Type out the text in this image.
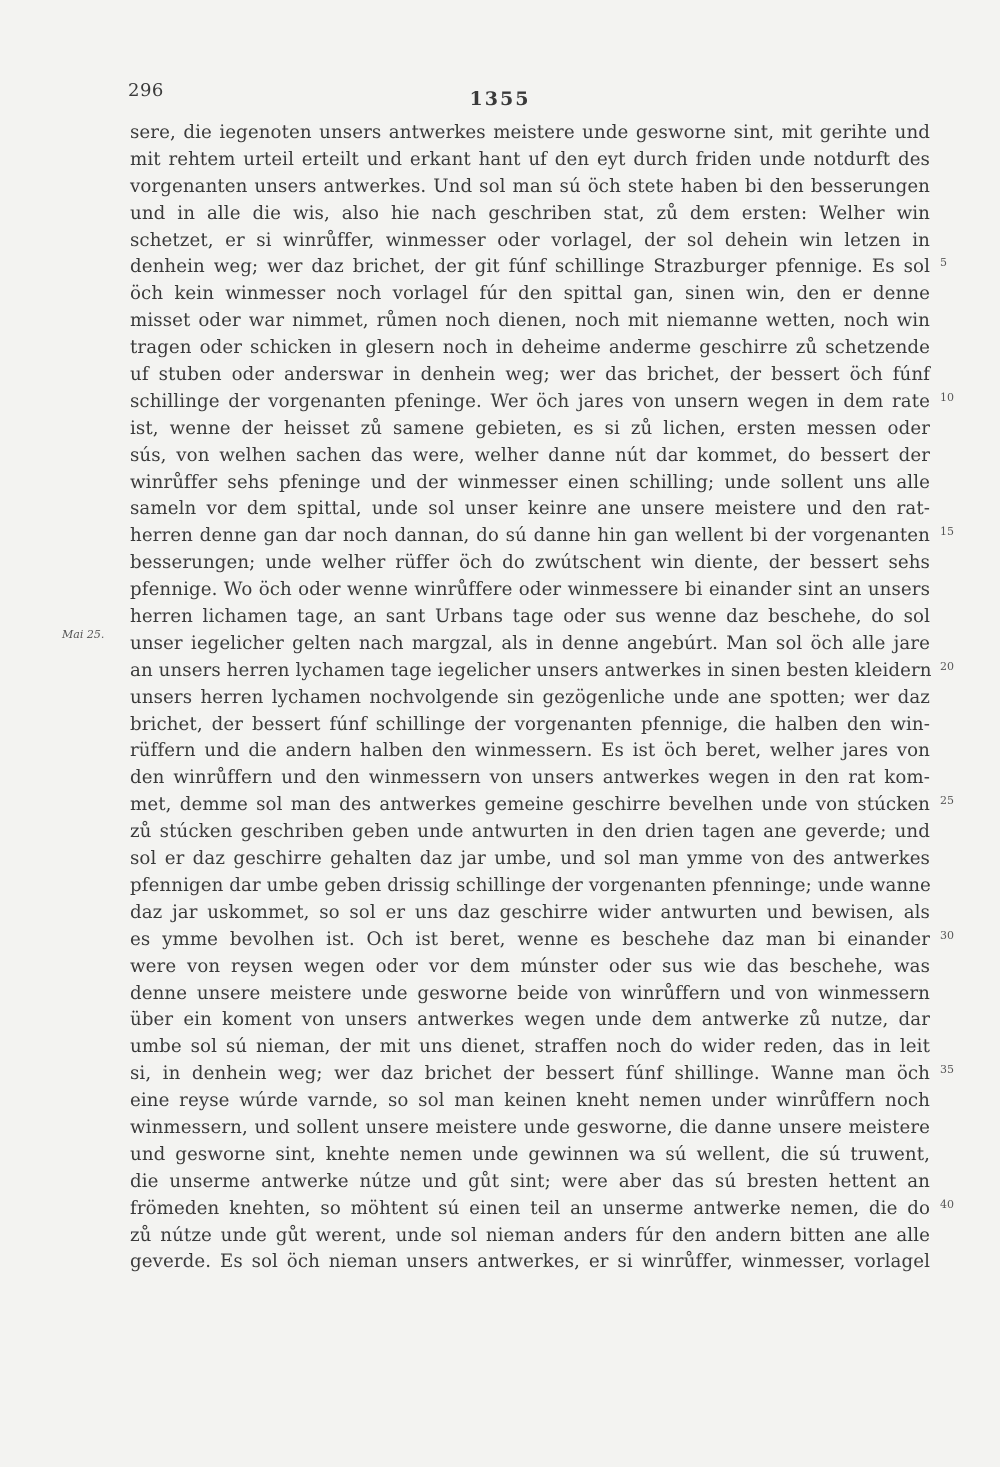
296	1355
sere, die iegenoten unsers antwerkes meistere unde gesworne sint, mit gerihte und
mit rehtem urteil erteilt und erkant hant uf den eyt durch friden unde notdurft des
vorgenanten unsers antwerkes. Und sol man sú öch stete haben bi den besserungen
und in alle die wis, also hie nach geschriben stat, zů dem ersten: Welher win
schetzet, er si winrůffer, winmesser oder vorlagel, der sol dehein win letzen in
denhein weg; wer daz brichet, der git fúnf schillinge Strazburger pfennige. Es sol
öch kein winmesser noch vorlagel fúr den spittal gan, sinen win, den er denne
misset oder war nimmet, růmen noch dienen, noch mit niemanne wetten, noch win
tragen oder schicken in glesern noch in deheime anderme geschirre zů schetzende
uf stuben oder anderswar in denhein weg; wer das brichet, der bessert öch fúnf
schillinge der vorgenanten pfeninge. Wer öch jares von unsern wegen in dem rate
ist, wenne der heisset zů samene gebieten, es si zů lichen, ersten messen oder
sús, von welhen sachen das were, welher danne nút dar kommet, do bessert der
winrůffer sehs pfeninge und der winmesser einen schilling; unde sollent uns alle
sameln vor dem spittal, unde sol unser keinre ane unsere meistere und den rat-
herren denne gan dar noch dannan, do sú danne hin gan wellent bi der vorgenanten
besserungen; unde welher rüffer öch do zwútschent win diente, der bessert sehs
pfennige. Wo öch oder wenne winrůffere oder winmessere bi einander sint an unsers
herren lichamen tage, an sant Urbans tage oder sus wenne daz beschehe, do sol
unser iegelicher gelten nach margzal, als in denne angebúrt. Man sol öch alle jare
an unsers herren lychamen tage iegelicher unsers antwerkes in sinen besten kleidern
unsers herren lychamen nochvolgende sin gezögenliche unde ane spotten; wer daz
brichet, der bessert fúnf schillinge der vorgenanten pfennige, die halben den win-
rüffern und die andern halben den winmessern. Es ist öch beret, welher jares von
den winrůffern und den winmessern von unsers antwerkes wegen in den rat kom-
met, demme sol man des antwerkes gemeine geschirre bevelhen unde von stúcken
zů stúcken geschriben geben unde antwurten in den drien tagen ane geverde; und
sol er daz geschirre gehalten daz jar umbe, und sol man ymme von des antwerkes
pfennigen dar umbe geben drissig schillinge der vorgenanten pfenninge; unde wanne
daz jar uskommet, so sol er uns daz geschirre wider antwurten und bewisen, als
es ymme bevolhen ist. Och ist beret, wenne es beschehe daz man bi einander
were von reysen wegen oder vor dem múnster oder sus wie das beschehe, was
denne unsere meistere unde gesworne beide von winrůffern und von winmessern
über ein koment von unsers antwerkes wegen unde dem antwerke zů nutze, dar
umbe sol sú nieman, der mit uns dienet, straffen noch do wider reden, das in leit
si, in denhein weg; wer daz brichet der bessert fúnf shillinge. Wanne man öch
eine reyse wúrde varnde, so sol man keinen kneht nemen under winrůffern noch
winmessern, und sollent unsere meistere unde gesworne, die danne unsere meistere
und gesworne sint, knehte nemen unde gewinnen wa sú wellent, die sú truwent,
die unserme antwerke nútze und gůt sint; were aber das sú bresten hettent an
frömeden knehten, so möhtent sú einen teil an unserme antwerke nemen, die do
zů nútze unde gůt werent, unde sol nieman anders fúr den andern bitten ane alle
geverde. Es sol öch nieman unsers antwerkes, er si winrůffer, winmesser, vorlagel
Mai 25.
5
10
15
20
25
30
35
40
